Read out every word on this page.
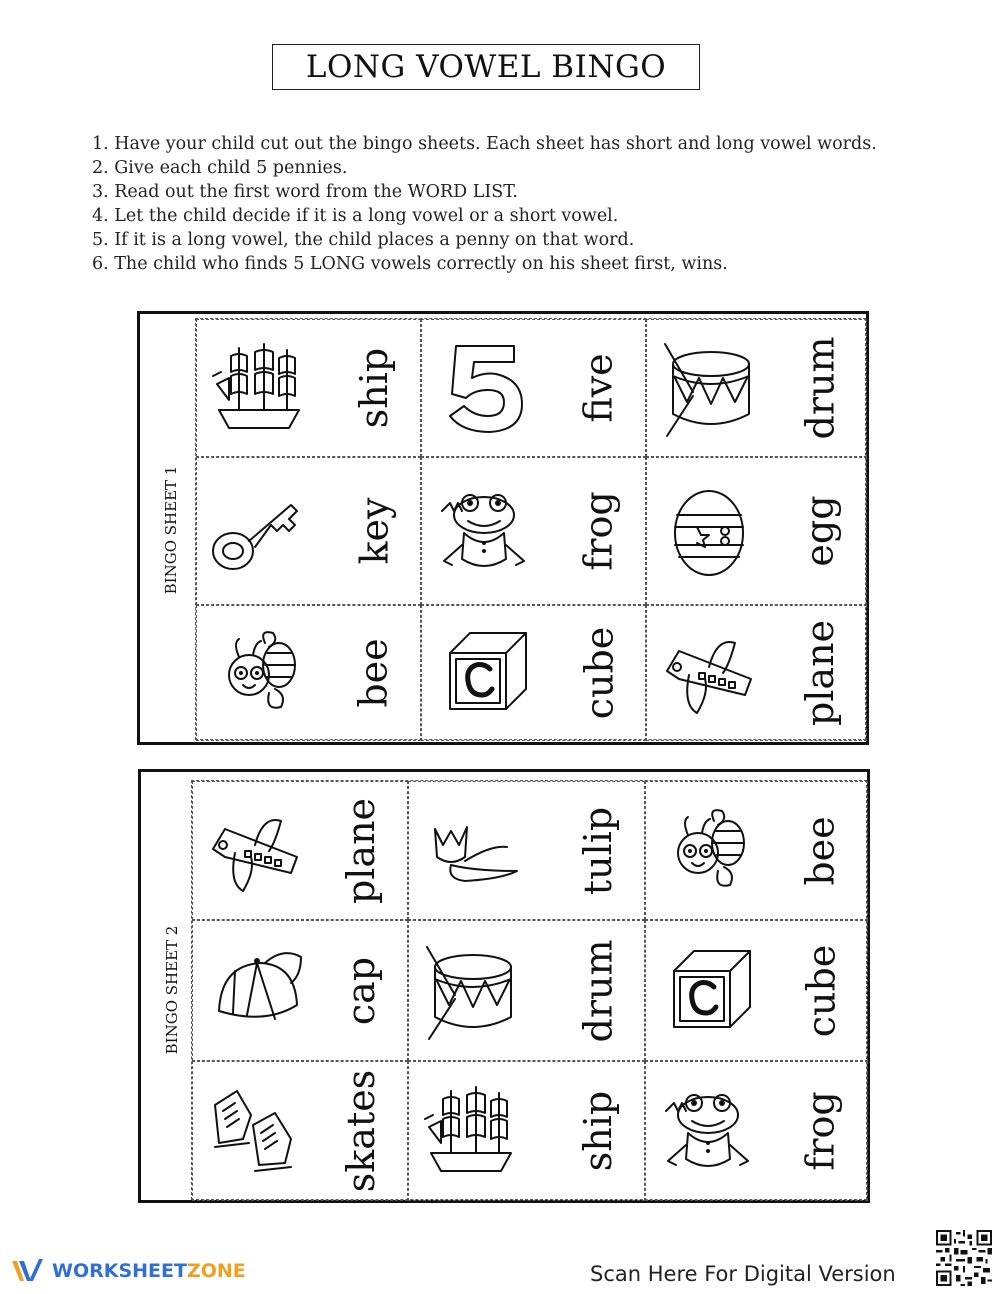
LONG VOWEL BINGO
1. Have your child cut out the bingo sheets. Each sheet has short and long vowel words.
2. Give each child 5 pennies.
3. Read out the first word from the WORD LIST.
4. Let the child decide if it is a long vowel or a short vowel.
5. If it is a long vowel, the child places a penny on that word.
6. The child who finds 5 LONG vowels correctly on his sheet first, wins.
BINGO SHEET 1
ship	five	drum
key	frog	egg
bee	cube	plane
BINGO SHEET 2
plane	tulip	bee
cap	drum	cube
skates	ship	frog
WORKSHEETZONE	Scan Here For Digital Version
